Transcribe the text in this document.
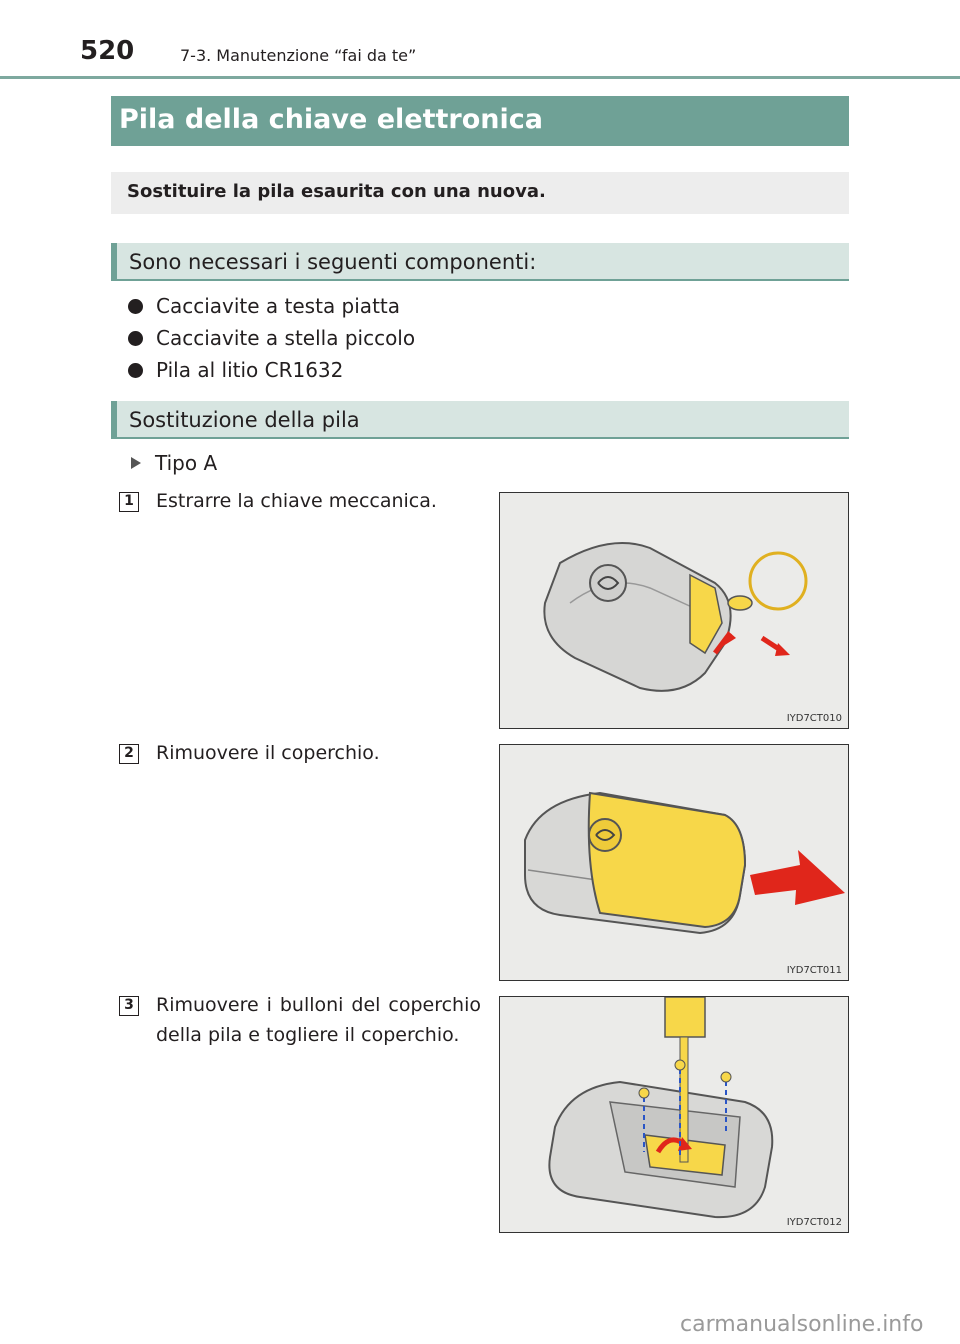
520	7-3. Manutenzione “fai da te”
Pila della chiave elettronica
Sostituire la pila esaurita con una nuova.
Sono necessari i seguenti componenti:
Cacciavite a testa piatta
Cacciavite a stella piccolo
Pila al litio CR1632
Sostituzione della pila
Tipo A
1 Estrarre la chiave meccanica.
IYD7CT010
2 Rimuovere il coperchio.
IYD7CT011
3 Rimuovere i bulloni del coperchio della pila e togliere il coperchio.
IYD7CT012
carmanualsonline.info
